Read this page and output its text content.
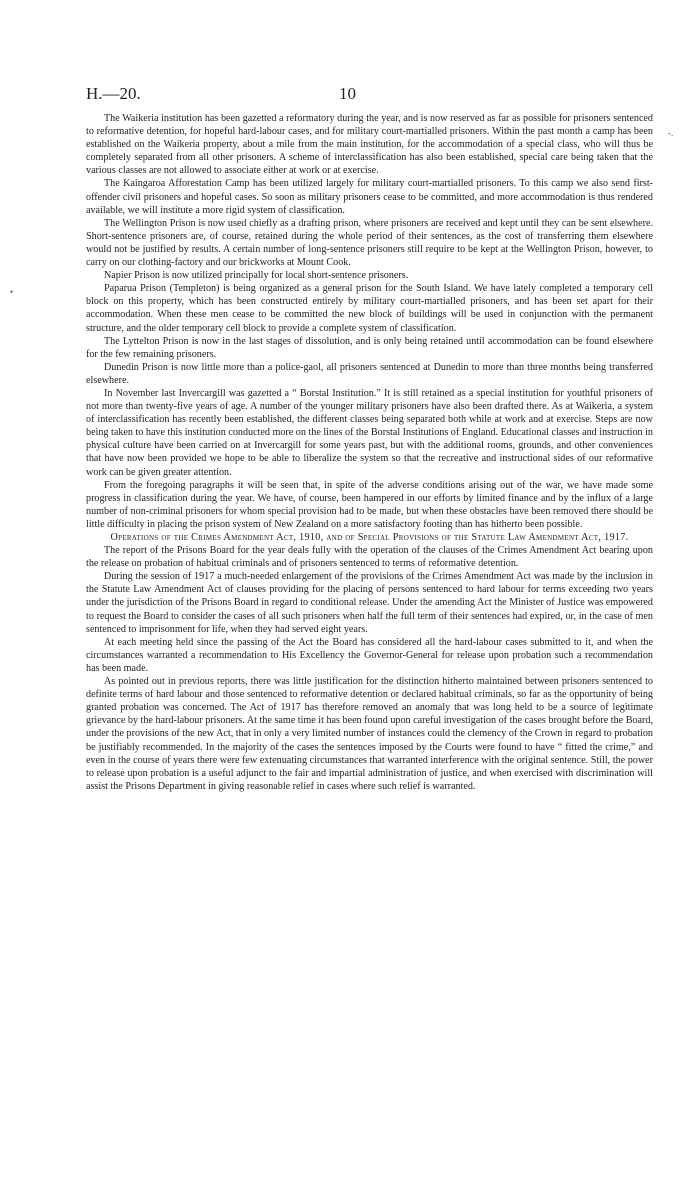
H.—20.	10
-.
•

The Waikeria institution has been gazetted a reformatory during the year, and is now reserved as far as possible for prisoners sentenced to reformative detention, for hopeful hard-labour cases, and for military court-martialled prisoners. Within the past month a camp has been established on the Waikeria property, about a mile from the main institution, for the accommodation of a special class, who will thus be completely separated from all other prisoners. A scheme of interclassification has also been established, special care being taken that the various classes are not allowed to associate either at work or at exercise.

The Kaingaroa Afforestation Camp has been utilized largely for military court-martialled prisoners. To this camp we also send first-offender civil prisoners and hopeful cases. So soon as military prisoners cease to be committed, and more accommodation is thus rendered available, we will institute a more rigid system of classification.

The Wellington Prison is now used chiefly as a drafting prison, where prisoners are received and kept until they can be sent elsewhere. Short-sentence prisoners are, of course, retained during the whole period of their sentences, as the cost of transferring them elsewhere would not be justified by results. A certain number of long-sentence prisoners still require to be kept at the Wellington Prison, however, to carry on our clothing-factory and our brickworks at Mount Cook.

Napier Prison is now utilized principally for local short-sentence prisoners.

Paparua Prison (Templeton) is being organized as a general prison for the South Island. We have lately completed a temporary cell block on this property, which has been constructed entirely by military court-martialled prisoners, and has been set apart for their accommodation. When these men cease to be committed the new block of buildings will be used in conjunction with the permanent structure, and the older temporary cell block to provide a complete system of classification.

The Lyttelton Prison is now in the last stages of dissolution, and is only being retained until accommodation can be found elsewhere for the few remaining prisoners.

Dunedin Prison is now little more than a police-gaol, all prisoners sentenced at Dunedin to more than three months being transferred elsewhere.

In November last Invercargill was gazetted a “ Borstal Institution.” It is still retained as a special institution for youthful prisoners of not more than twenty-five years of age. A number of the younger military prisoners have also been drafted there. As at Waikeria, a system of interclassification has recently been established, the different classes being separated both while at work and at exercise. Steps are now being taken to have this institution conducted more on the lines of the Borstal Institutions of England. Educational classes and instruction in physical culture have been carried on at Invercargill for some years past, but with the additional rooms, grounds, and other conveniences that have now been provided we hope to be able to liberalize the system so that the recreative and instructional sides of our reformative work can be given greater attention.

From the foregoing paragraphs it will be seen that, in spite of the adverse conditions arising out of the war, we have made some progress in classification during the year. We have, of course, been hampered in our efforts by limited finance and by the influx of a large number of non-criminal prisoners for whom special provision had to be made, but when these obstacles have been removed there should be little difficulty in placing the prison system of New Zealand on a more satisfactory footing than has hitherto been possible.

Operations of the Crimes Amendment Act, 1910, and of Special Provisions of the Statute Law Amendment Act, 1917.

The report of the Prisons Board for the year deals fully with the operation of the clauses of the Crimes Amendment Act bearing upon the release on probation of habitual criminals and of prisoners sentenced to terms of reformative detention.

During the session of 1917 a much-needed enlargement of the provisions of the Crimes Amendment Act was made by the inclusion in the Statute Law Amendment Act of clauses providing for the placing of persons sentenced to hard labour for terms exceeding two years under the jurisdiction of the Prisons Board in regard to conditional release. Under the amending Act the Minister of Justice was empowered to request the Board to consider the cases of all such prisoners when half the full term of their sentences had expired, or, in the case of men sentenced to imprisonment for life, when they had served eight years.

At each meeting held since the passing of the Act the Board has considered all the hard-labour cases submitted to it, and when the circumstances warranted a recommendation to His Excellency the Governor-General for release upon probation such a recommendation has been made.

As pointed out in previous reports, there was little justification for the distinction hitherto maintained between prisoners sentenced to definite terms of hard labour and those sentenced to reformative detention or declared habitual criminals, so far as the opportunity of being granted probation was concerned. The Act of 1917 has therefore removed an anomaly that was long held to be a source of legitimate grievance by the hard-labour prisoners. At the same time it has been found upon careful investigation of the cases brought before the Board, under the provisions of the new Act, that in only a very limited number of instances could the clemency of the Crown in regard to probation be justifiably recommended. In the majority of the cases the sentences imposed by the Courts were found to have “ fitted the crime,” and even in the course of years there were few extenuating circumstances that warranted interference with the original sentence. Still, the power to release upon probation is a useful adjunct to the fair and impartial administration of justice, and when exercised with discrimination will assist the Prisons Department in giving reasonable relief in cases where such relief is warranted.
